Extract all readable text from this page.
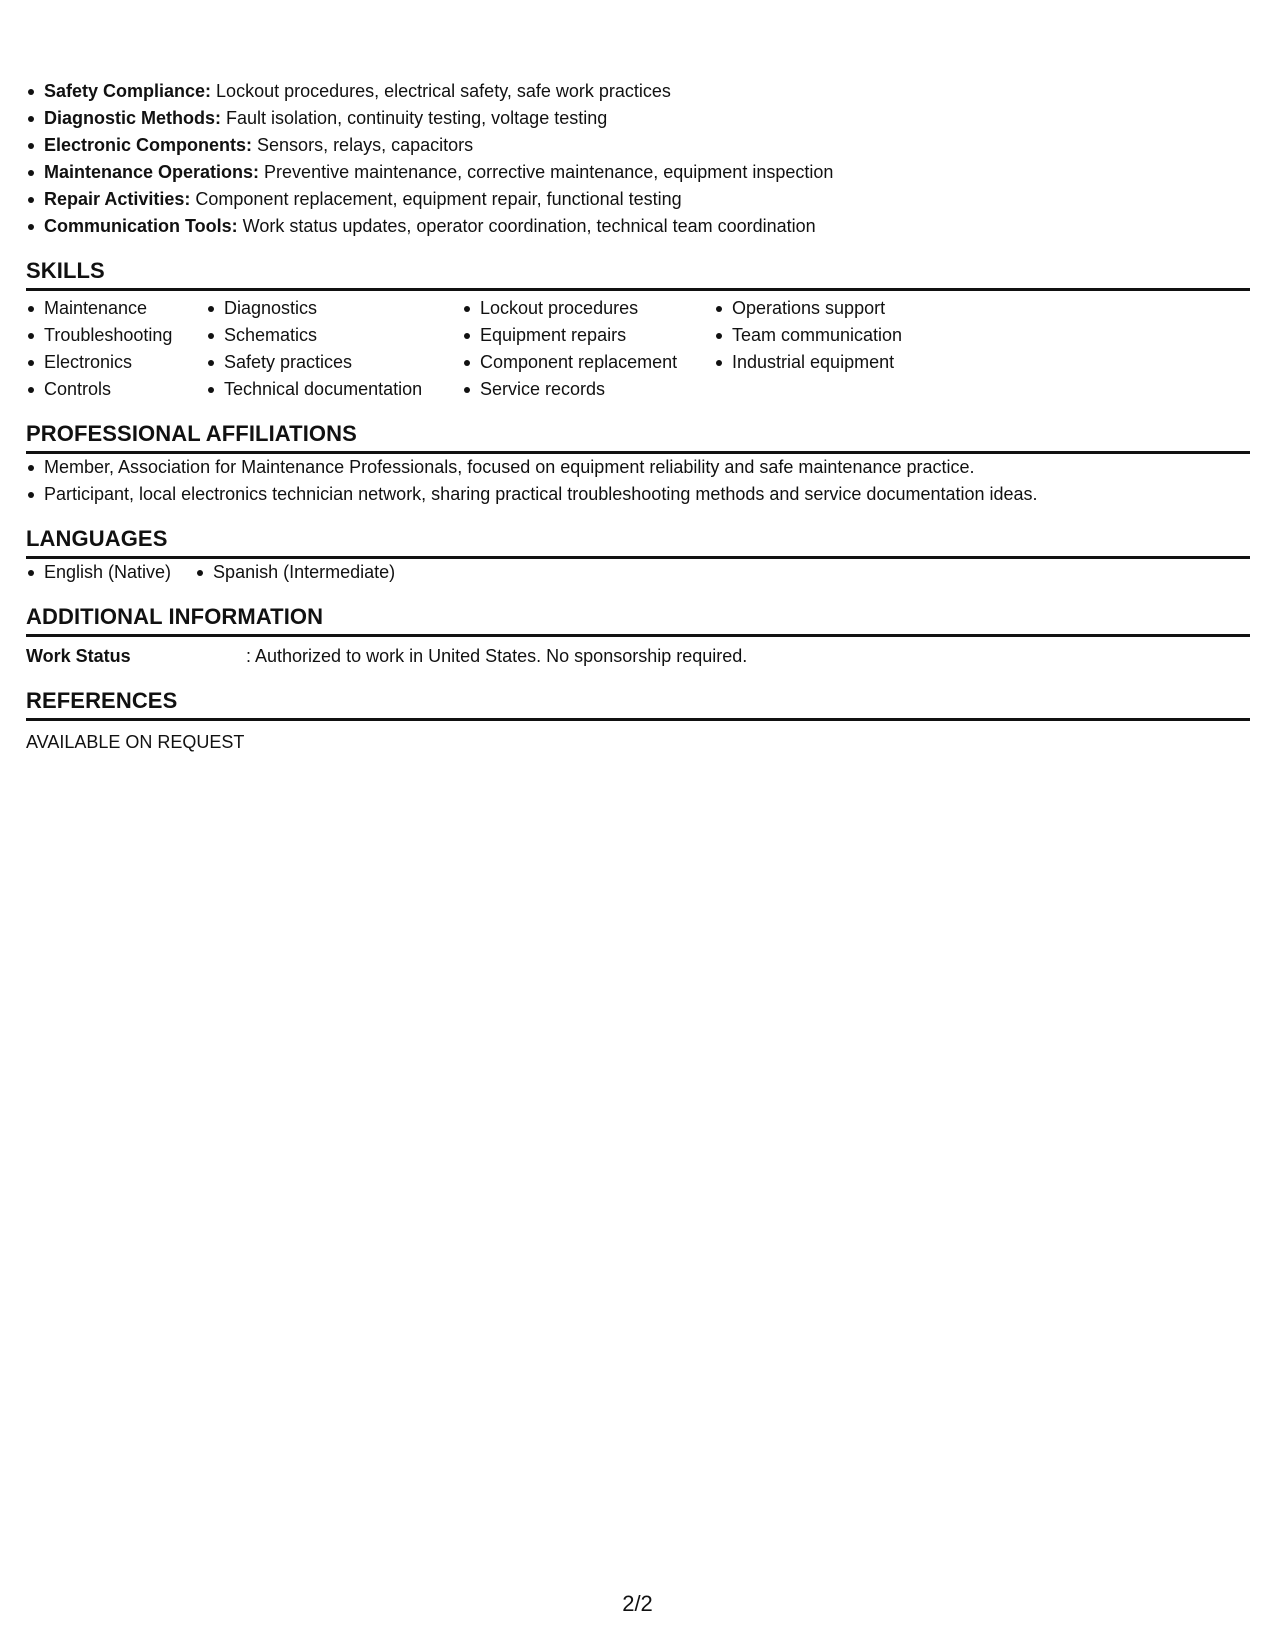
Safety Compliance: Lockout procedures, electrical safety, safe work practices
Diagnostic Methods: Fault isolation, continuity testing, voltage testing
Electronic Components: Sensors, relays, capacitors
Maintenance Operations: Preventive maintenance, corrective maintenance, equipment inspection
Repair Activities: Component replacement, equipment repair, functional testing
Communication Tools: Work status updates, operator coordination, technical team coordination
SKILLS
Maintenance
Troubleshooting
Electronics
Controls
Diagnostics
Schematics
Safety practices
Technical documentation
Lockout procedures
Equipment repairs
Component replacement
Service records
Operations support
Team communication
Industrial equipment
PROFESSIONAL AFFILIATIONS
Member, Association for Maintenance Professionals, focused on equipment reliability and safe maintenance practice.
Participant, local electronics technician network, sharing practical troubleshooting methods and service documentation ideas.
LANGUAGES
English (Native)	Spanish (Intermediate)
ADDITIONAL INFORMATION
Work Status	: Authorized to work in United States. No sponsorship required.
REFERENCES
AVAILABLE ON REQUEST
2/2
